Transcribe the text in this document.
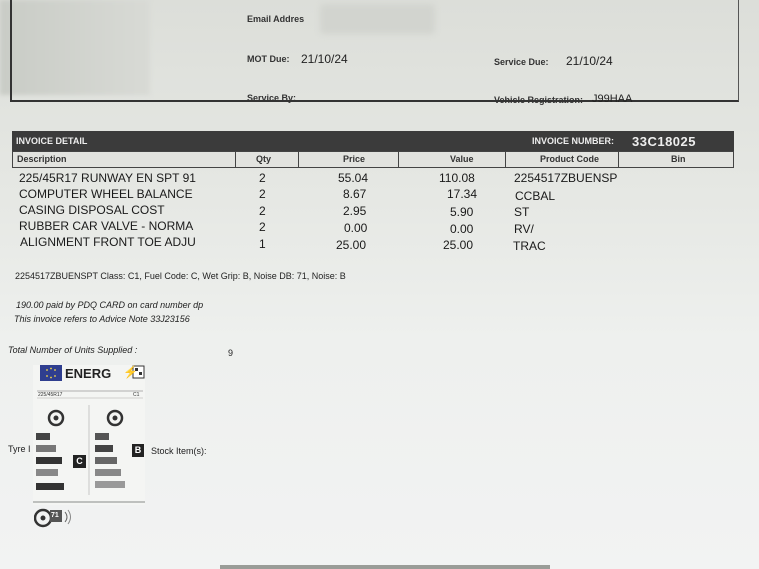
Email Addres
MOT Due: 21/10/24	Service Due: 21/10/24
Service By:	Vehicle Registration: J99HAA
INVOICE DETAIL	INVOICE NUMBER: 33C18025
Description	Qty	Price	Value	Product Code	Bin
225/45R17 RUNWAY EN SPT 91	2	55.04	110.08	2254517ZBUENSP
COMPUTER WHEEL BALANCE	2	8.67	17.34	CCBAL
CASING DISPOSAL COST	2	2.95	5.90	ST
RUBBER CAR VALVE - NORMA	2	0.00	0.00	RV/
ALIGNMENT FRONT TOE ADJU	1	25.00	25.00	TRAC
2254517ZBUENSPT Class: C1, Fuel Code: C, Wet Grip: B, Noise DB: 71, Noise: B
190.00 paid by PDQ CARD on card number dp
This invoice refers to Advice Note 33J23156
Total Number of Units Supplied :	9
ENERG ⚡
225/45R17	C1
C
Tyre I	B	Stock Item(s):
71
